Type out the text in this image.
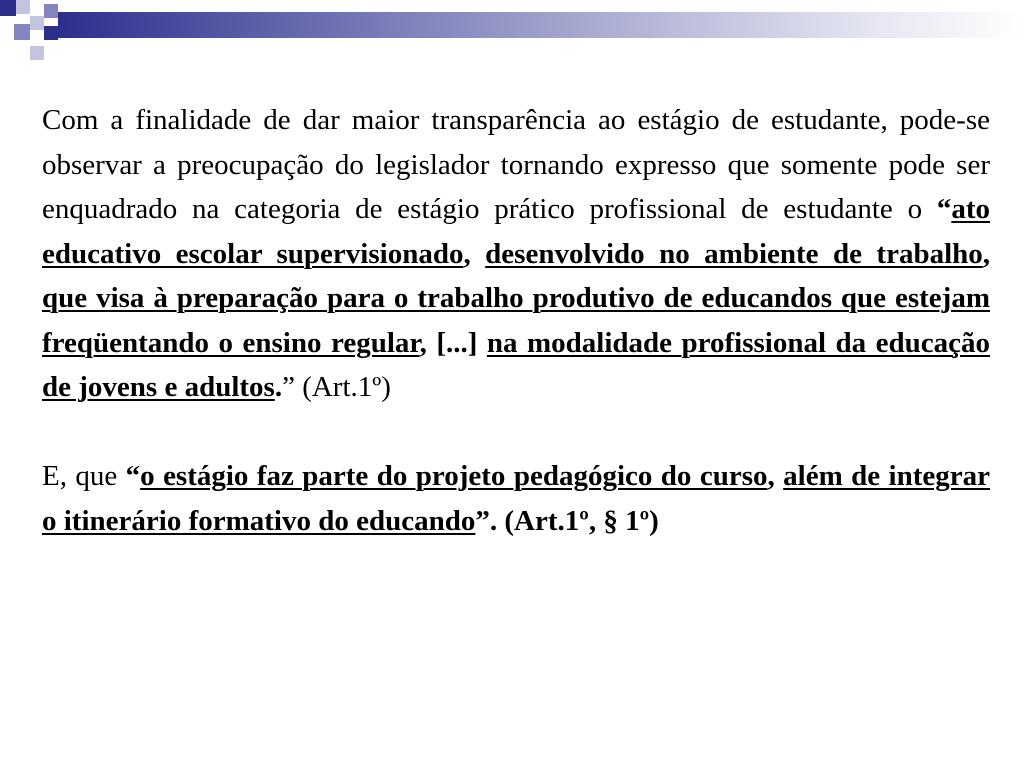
Com a finalidade de dar maior transparência ao estágio de estudante, pode-se observar a preocupação do legislador tornando expresso que somente pode ser enquadrado na categoria de estágio prático profissional de estudante o “ato educativo escolar supervisionado, desenvolvido no ambiente de trabalho, que visa à preparação para o trabalho produtivo de educandos que estejam freqüentando o ensino regular, [...] na modalidade profissional da educação de jovens e adultos.” (Art.1º)

E, que “o estágio faz parte do projeto pedagógico do curso, além de integrar o itinerário formativo do educando”. (Art.1º, § 1º)
